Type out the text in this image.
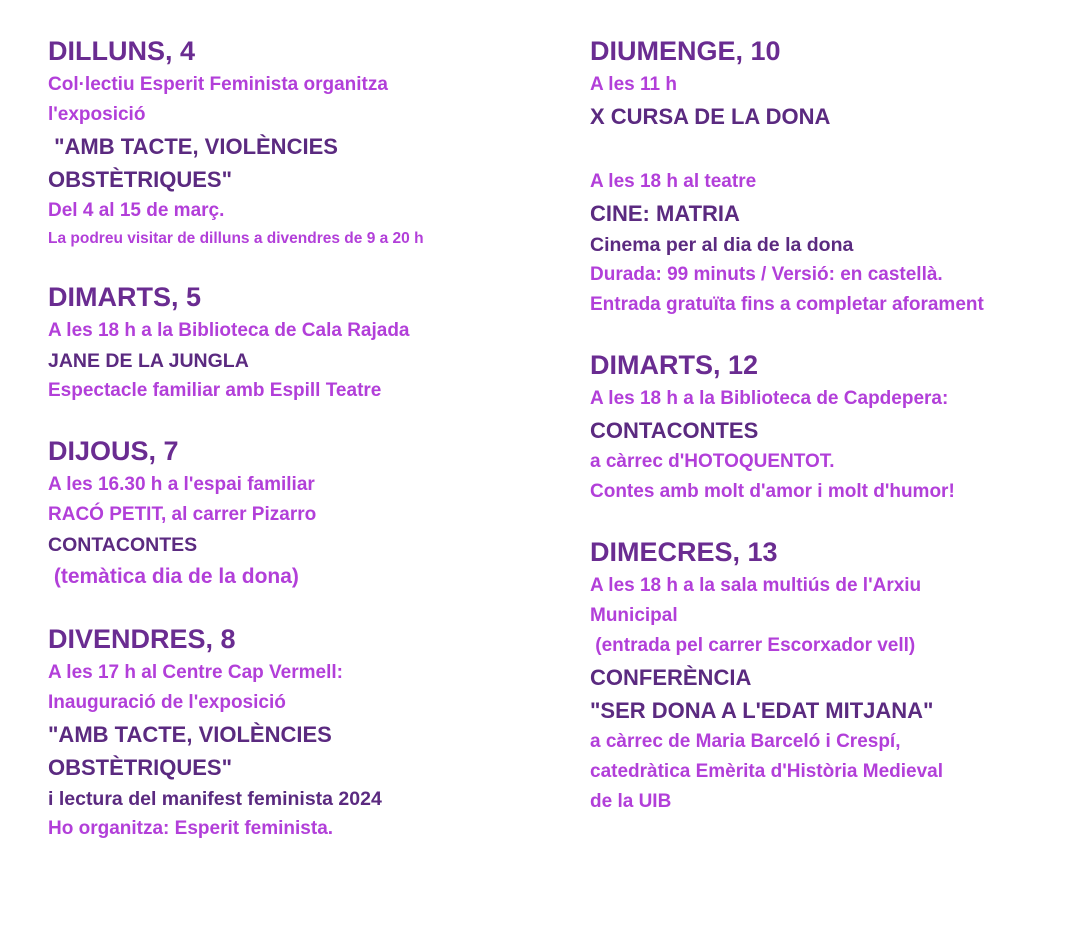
DILLUNS, 4

Col·lectiu Esperit Feminista organitza

l'exposició

"AMB TACTE, VIOLÈNCIES

OBSTÈTRIQUES"

Del 4 al 15 de març.

La podreu visitar de dilluns a divendres de 9 a 20 h

DIMARTS, 5

A les 18 h a la Biblioteca de Cala Rajada

JANE DE LA JUNGLA

Espectacle familiar amb Espill Teatre

DIJOUS, 7

A les 16.30 h a l'espai familiar

RACÓ PETIT, al carrer Pizarro

CONTACONTES

(temàtica dia de la dona)

DIVENDRES, 8

A les 17 h al Centre Cap Vermell:

Inauguració de l'exposició

"AMB TACTE, VIOLÈNCIES

OBSTÈTRIQUES"

i lectura del manifest feminista 2024

Ho organitza: Esperit feminista.

DIUMENGE, 10

A les 11 h

X CURSA DE LA DONA

A les 18 h al teatre

CINE: MATRIA

Cinema per al dia de la dona

Durada: 99 minuts / Versió: en castellà.

Entrada gratuïta fins a completar aforament

DIMARTS, 12

A les 18 h a la Biblioteca de Capdepera:

CONTACONTES

a càrrec d'HOTOQUENTOT.

Contes amb molt d'amor i molt d'humor!

DIMECRES, 13

A les 18 h a la sala multiús de l'Arxiu

Municipal

(entrada pel carrer Escorxador vell)

CONFERÈNCIA

"SER DONA A L'EDAT MITJANA"

a càrrec de Maria Barceló i Crespí,

catedràtica Emèrita d'Història Medieval

de la UIB
